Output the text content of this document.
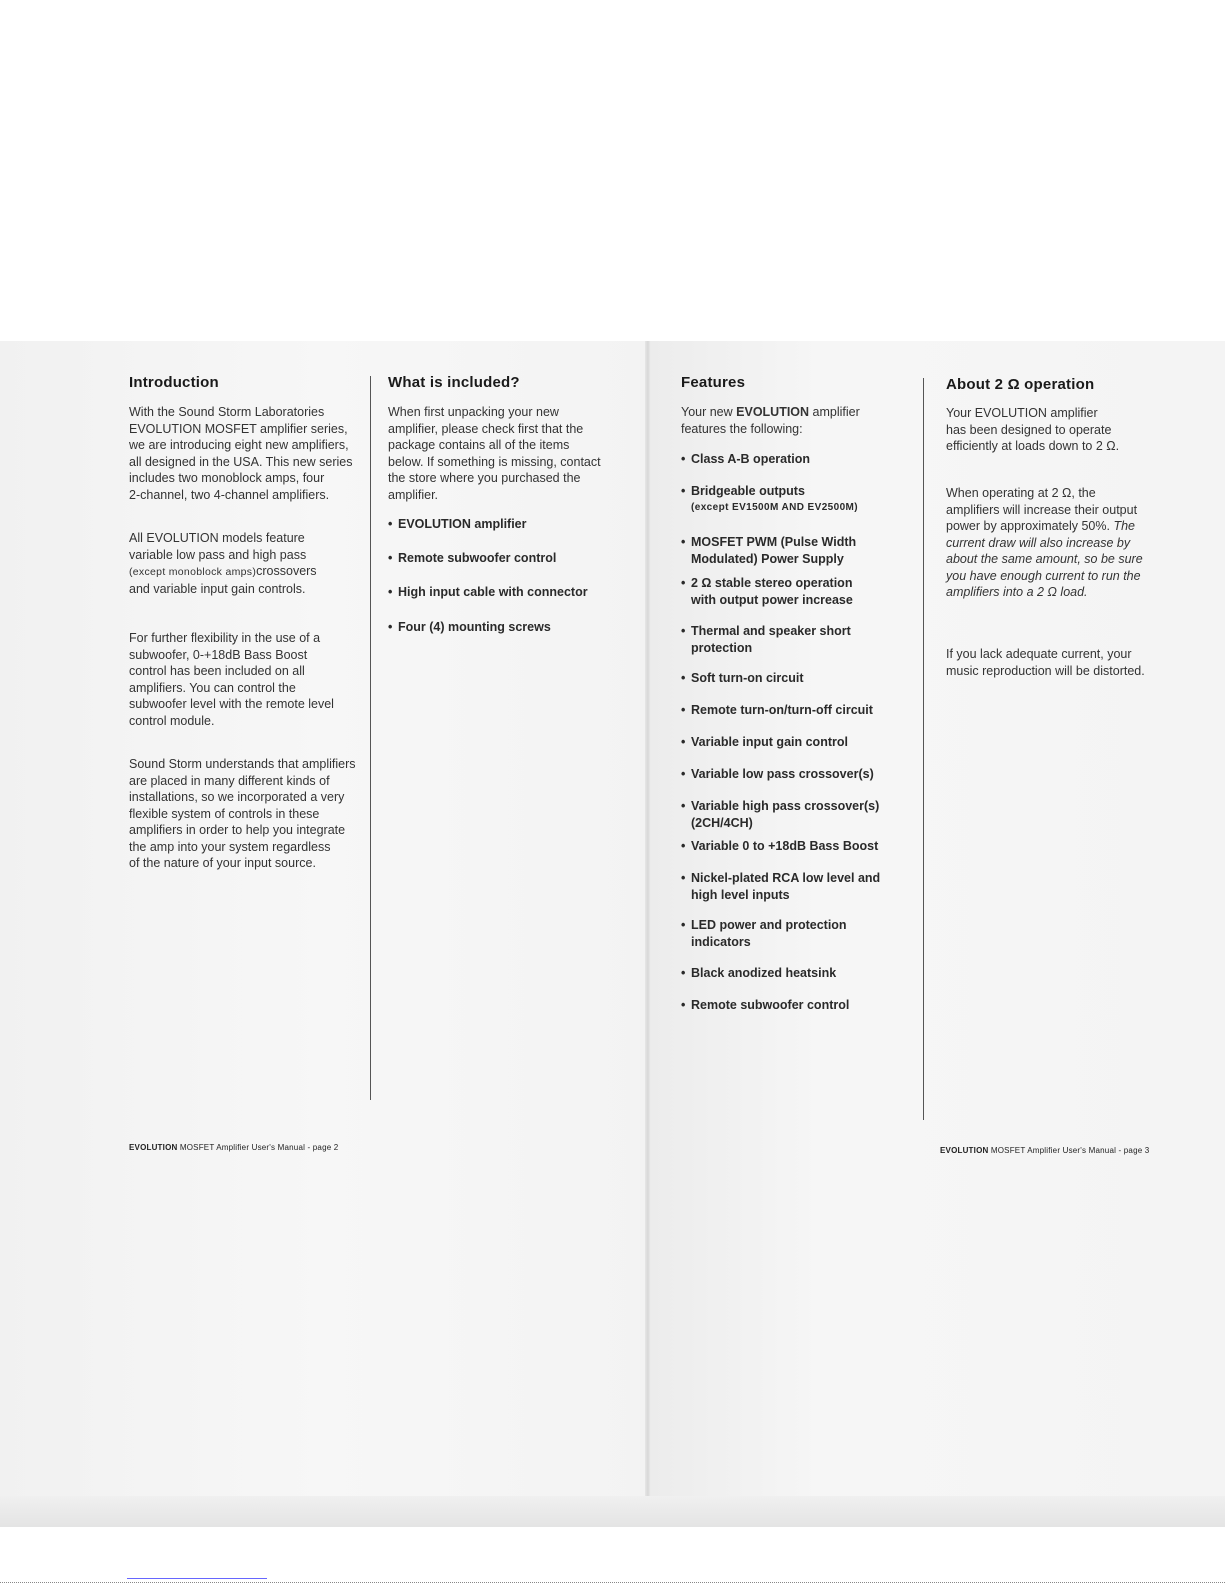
Introduction

With the Sound Storm Laboratories

EVOLUTION MOSFET amplifier series,

we are introducing eight new amplifiers,

all designed in the USA. This new series

includes two monoblock amps, four

2-channel, two 4-channel amplifiers.

All EVOLUTION models feature

variable low pass and high pass

(except monoblock amps)crossovers

and variable input gain controls.

For further flexibility in the use of a

subwoofer, 0-+18dB Bass Boost

control has been included on all

amplifiers. You can control the

subwoofer level with the remote level

control module.

Sound Storm understands that amplifiers

are placed in many different kinds of

installations, so we incorporated a very

flexible system of controls in these

amplifiers in order to help you integrate

the amp into your system regardless

of the nature of your input source.

What is included?

When first unpacking your new

amplifier, please check first that the

package contains all of the items

below. If something is missing, contact

the store where you purchased the

amplifier.

• EVOLUTION amplifier
• Remote subwoofer control
• High input cable with connector
• Four (4) mounting screws
Features

Your new EVOLUTION amplifier

features the following:

• Class A-B operation
• Bridgeable outputs
(except EV1500M AND EV2500M)
• MOSFET PWM (Pulse Width
Modulated) Power Supply
• 2 Ω stable stereo operation
with output power increase
• Thermal and speaker short
protection
• Soft turn-on circuit
• Remote turn-on/turn-off circuit
• Variable input gain control
• Variable low pass crossover(s)
• Variable high pass crossover(s)
(2CH/4CH)
• Variable 0 to +18dB Bass Boost
• Nickel-plated RCA low level and
high level inputs
• LED power and protection
indicators
• Black anodized heatsink
• Remote subwoofer control
About 2 Ω operation

Your EVOLUTION amplifier

has been designed to operate

efficiently at loads down to 2 Ω.

When operating at 2 Ω, the

amplifiers will increase their output

power by approximately 50%. The

current draw will also increase by

about the same amount, so be sure

you have enough current to run the

amplifiers into a 2 Ω load.

If you lack adequate current, your

music reproduction will be distorted.

EVOLUTION MOSFET Amplifier User's Manual - page 2	EVOLUTION MOSFET Amplifier User's Manual - page 3
